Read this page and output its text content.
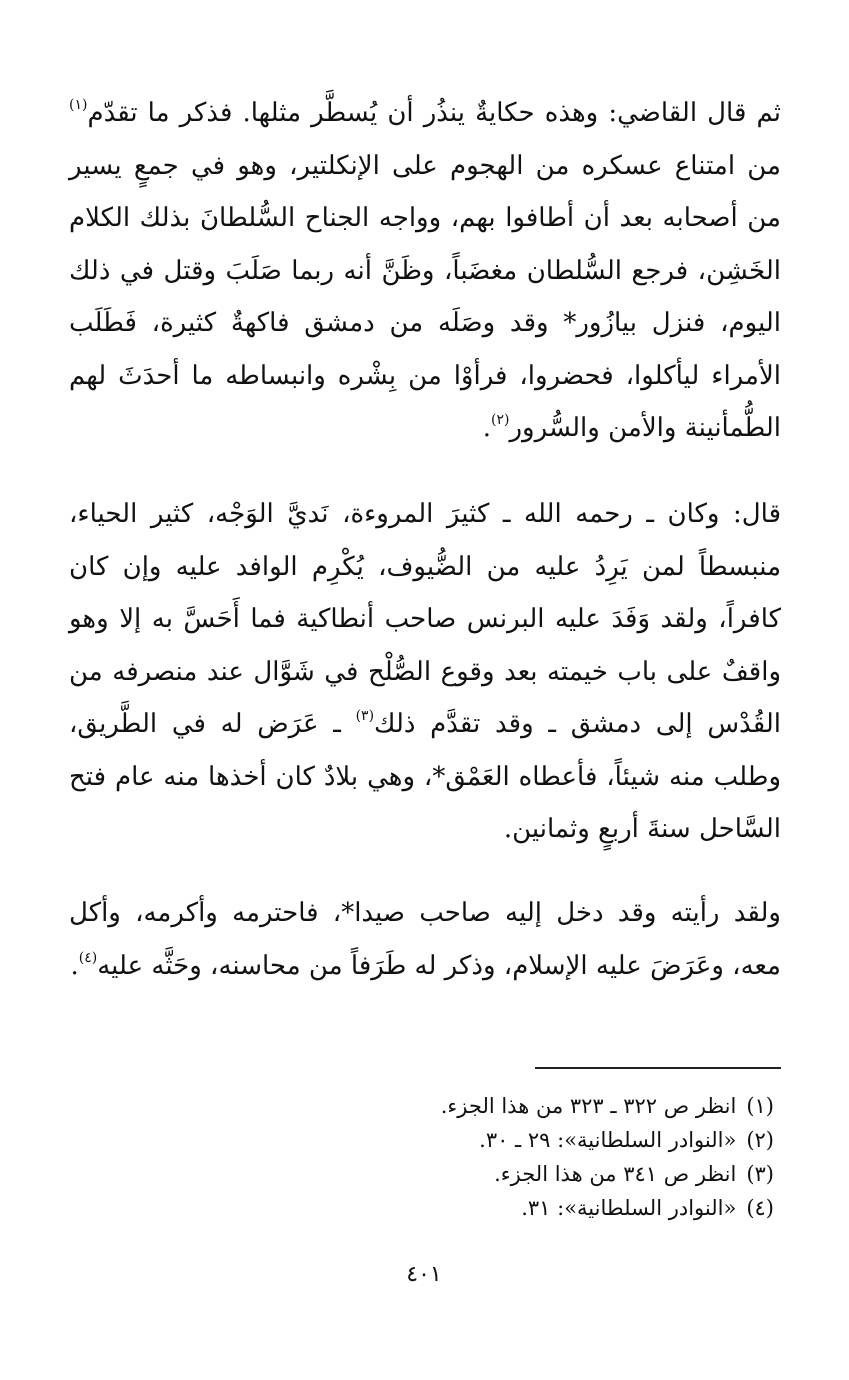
ثم قال القاضي: وهذه حكايةٌ ينذُر أن يُسطَّر مثلها. فذكر ما تقدّم$^{(١)}$ من امتناع عسكره من الهجوم على الإنكلتير، وهو في جمعٍ يسير من أصحابه بعد أن أطافوا بهم، وواجه الجناح السُّلطانَ بذلك الكلام الخَشِن، فرجع السُّلطان مغضَباً، وظَنَّ أنه ربما صَلَبَ وقتل في ذلك اليوم، فنزل بيازُور* وقد وصَلَه من دمشق فاكهةٌ كثيرة، فَطَلَب الأمراء ليأكلوا، فحضروا، فرأوْا من بِشْره وانبساطه ما أحدَثَ لهم الطُّمأنينة والأمن والسُّرور$^{(٢)}$.

قال: وكان ـ رحمه الله ـ كثيرَ المروءة، نَديَّ الوَجْه، كثير الحياء، منبسطاً لمن يَرِدُ عليه من الضُّيوف، يُكْرِم الوافد عليه وإن كان كافراً، ولقد وَفَدَ عليه البرنس صاحب أنطاكية فما أَحَسَّ به إلا وهو واقفٌ على باب خيمته بعد وقوع الصُّلْح في شَوَّال عند منصرفه من القُدْس إلى دمشق ـ وقد تقدَّم ذلك$^{(٣)}$ ـ عَرَض له في الطَّريق، وطلب منه شيئاً، فأعطاه العَمْق*، وهي بلادٌ كان أخذها منه عام فتح السَّاحل سنةَ أربعٍ وثمانين.

ولقد رأيته وقد دخل إليه صاحب صيدا*، فاحترمه وأكرمه، وأكل معه، وعَرَضَ عليه الإسلام، وذكر له طَرَفاً من محاسنه، وحَثَّه عليه$^{(٤)}$.

(١)انظر ص ٣٢٢ ـ ٣٢٣ من هذا الجزء.
(٢)«النوادر السلطانية»: ٢٩ ـ ٣٠.
(٣)انظر ص ٣٤١ من هذا الجزء.
(٤)«النوادر السلطانية»: ٣١.
٤٠١
